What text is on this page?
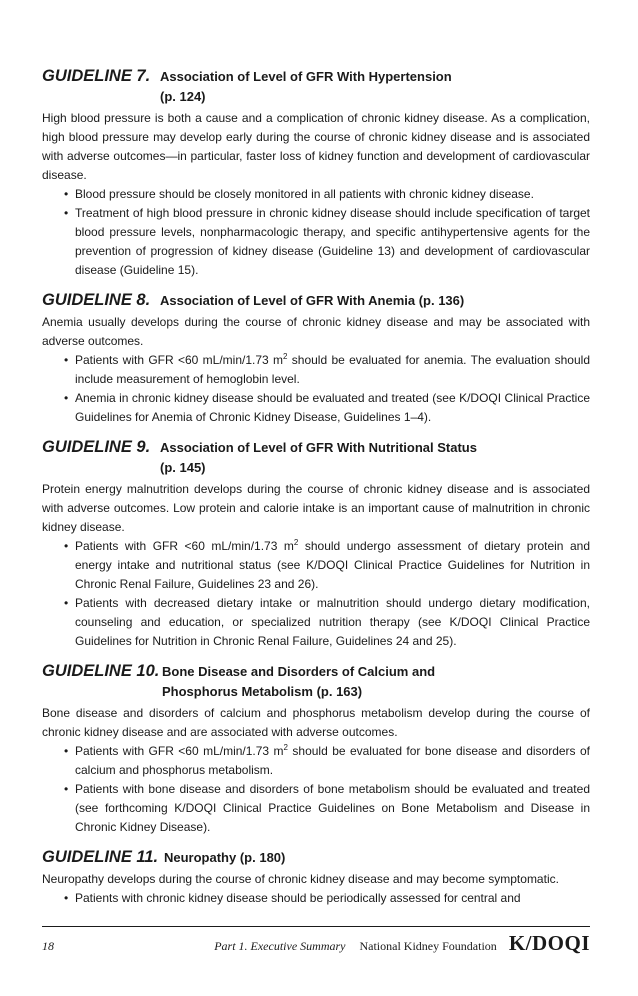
GUIDELINE 7. Association of Level of GFR With Hypertension
(p. 124)

High blood pressure is both a cause and a complication of chronic kidney disease. As a complication, high blood pressure may develop early during the course of chronic kidney disease and is associated with adverse outcomes—in particular, faster loss of kidney function and development of cardiovascular disease.

• Blood pressure should be closely monitored in all patients with chronic kidney disease.
• Treatment of high blood pressure in chronic kidney disease should include specification of target blood pressure levels, nonpharmacologic therapy, and specific antihypertensive agents for the prevention of progression of kidney disease (Guideline 13) and development of cardiovascular disease (Guideline 15).
GUIDELINE 8. Association of Level of GFR With Anemia (p. 136)

Anemia usually develops during the course of chronic kidney disease and may be associated with adverse outcomes.

• Patients with GFR <60 mL/min/1.73 $m^2$ should be evaluated for anemia. The evaluation should include measurement of hemoglobin level.
• Anemia in chronic kidney disease should be evaluated and treated (see K/DOQI Clinical Practice Guidelines for Anemia of Chronic Kidney Disease, Guidelines 1–4).
GUIDELINE 9. Association of Level of GFR With Nutritional Status
(p. 145)

Protein energy malnutrition develops during the course of chronic kidney disease and is associated with adverse outcomes. Low protein and calorie intake is an important cause of malnutrition in chronic kidney disease.

• Patients with GFR <60 mL/min/1.73 $m^2$ should undergo assessment of dietary protein and energy intake and nutritional status (see K/DOQI Clinical Practice Guidelines for Nutrition in Chronic Renal Failure, Guidelines 23 and 26).
• Patients with decreased dietary intake or malnutrition should undergo dietary modification, counseling and education, or specialized nutrition therapy (see K/DOQI Clinical Practice Guidelines for Nutrition in Chronic Renal Failure, Guidelines 24 and 25).
GUIDELINE 10. Bone Disease and Disorders of Calcium and
Phosphorus Metabolism (p. 163)

Bone disease and disorders of calcium and phosphorus metabolism develop during the course of chronic kidney disease and are associated with adverse outcomes.

• Patients with GFR <60 mL/min/1.73 $m^2$ should be evaluated for bone disease and disorders of calcium and phosphorus metabolism.
• Patients with bone disease and disorders of bone metabolism should be evaluated and treated (see forthcoming K/DOQI Clinical Practice Guidelines on Bone Metabolism and Disease in Chronic Kidney Disease).
GUIDELINE 11. Neuropathy (p. 180)

Neuropathy develops during the course of chronic kidney disease and may become symptomatic.

• Patients with chronic kidney disease should be periodically assessed for central and
18	Part 1. Executive Summary National Kidney Foundation K/DOQI
